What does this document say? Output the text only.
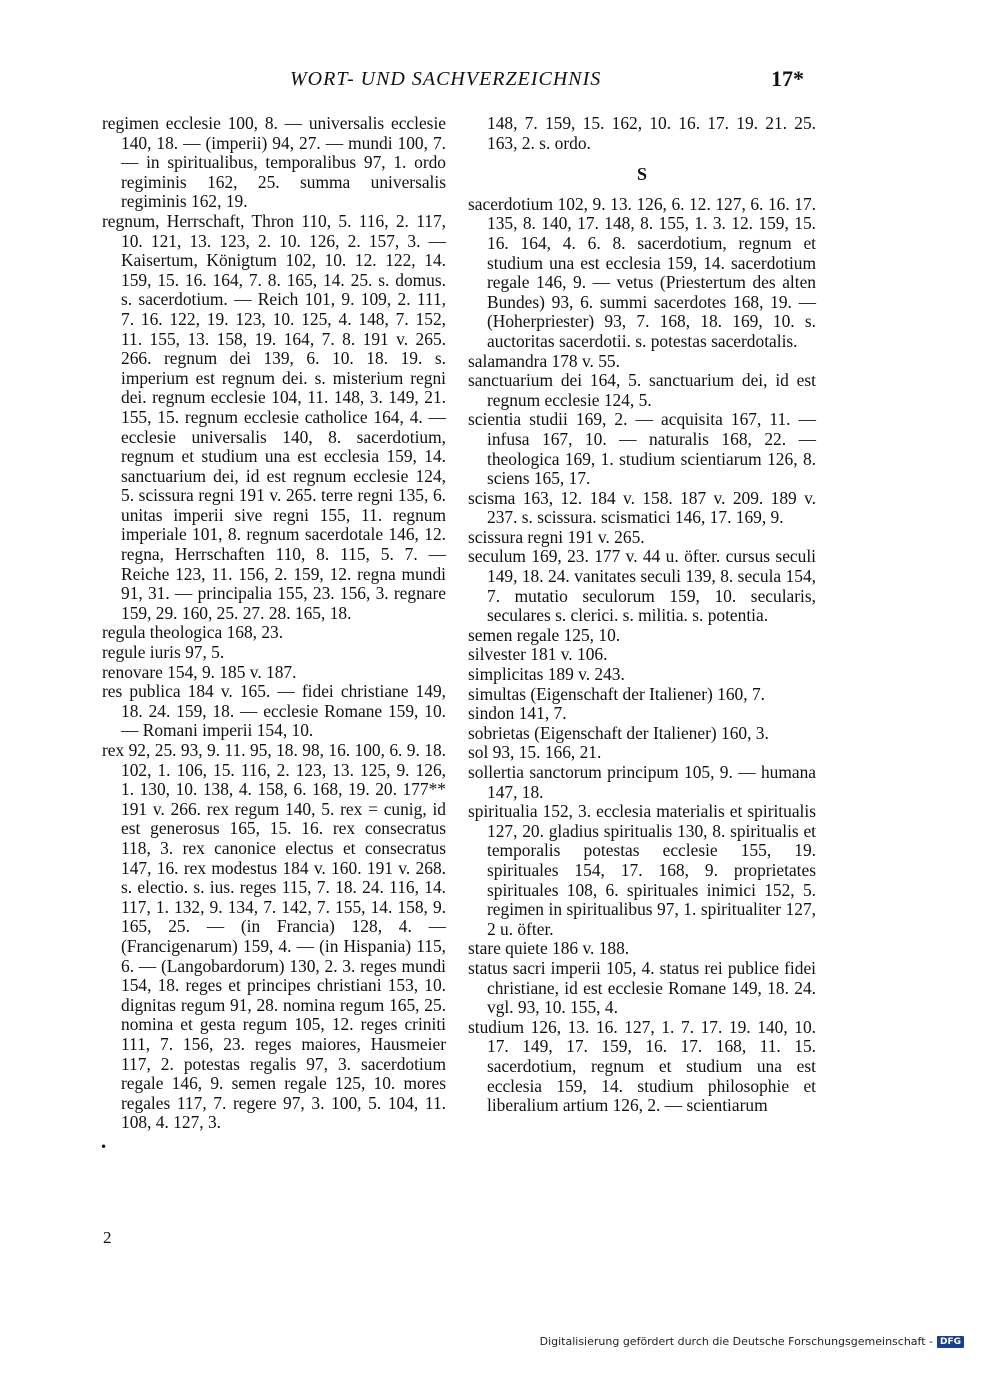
WORT- UND SACHVERZEICHNIS	17*

regimen ecclesie 100, 8. — universalis ecclesie 140, 18. — (imperii) 94, 27. — mundi 100, 7. — in spiritualibus, temporalibus 97, 1. ordo regiminis 162, 25. summa universalis regiminis 162, 19.

regnum, Herrschaft, Thron 110, 5. 116, 2. 117, 10. 121, 13. 123, 2. 10. 126, 2. 157, 3. — Kaisertum, Königtum 102, 10. 12. 122, 14. 159, 15. 16. 164, 7. 8. 165, 14. 25. s. domus. s. sacerdotium. — Reich 101, 9. 109, 2. 111, 7. 16. 122, 19. 123, 10. 125, 4. 148, 7. 152, 11. 155, 13. 158, 19. 164, 7. 8. 191 v. 265. 266. regnum dei 139, 6. 10. 18. 19. s. imperium est regnum dei. s. misterium regni dei. regnum ecclesie 104, 11. 148, 3. 149, 21. 155, 15. regnum ecclesie catholice 164, 4. — ecclesie universalis 140, 8. sacerdotium, regnum et studium una est ecclesia 159, 14. sanctuarium dei, id est regnum ecclesie 124, 5. scissura regni 191 v. 265. terre regni 135, 6. unitas imperii sive regni 155, 11. regnum imperiale 101, 8. regnum sacerdotale 146, 12. regna, Herrschaften 110, 8. 115, 5. 7. — Reiche 123, 11. 156, 2. 159, 12. regna mundi 91, 31. — principalia 155, 23. 156, 3. regnare 159, 29. 160, 25. 27. 28. 165, 18.

regula theologica 168, 23.

regule iuris 97, 5.

renovare 154, 9. 185 v. 187.

res publica 184 v. 165. — fidei christiane 149, 18. 24. 159, 18. — ecclesie Romane 159, 10. — Romani imperii 154, 10.

rex 92, 25. 93, 9. 11. 95, 18. 98, 16. 100, 6. 9. 18. 102, 1. 106, 15. 116, 2. 123, 13. 125, 9. 126, 1. 130, 10. 138, 4. 158, 6. 168, 19. 20. 177** 191 v. 266. rex regum 140, 5. rex = cunig, id est generosus 165, 15. 16. rex consecratus 118, 3. rex canonice electus et consecratus 147, 16. rex modestus 184 v. 160. 191 v. 268. s. electio. s. ius. reges 115, 7. 18. 24. 116, 14. 117, 1. 132, 9. 134, 7. 142, 7. 155, 14. 158, 9. 165, 25. — (in Francia) 128, 4. — (Francigenarum) 159, 4. — (in Hispania) 115, 6. — (Langobardorum) 130, 2. 3. reges mundi 154, 18. reges et principes christiani 153, 10. dignitas regum 91, 28. nomina regum 165, 25. nomina et gesta regum 105, 12. reges criniti 111, 7. 156, 23. reges maiores, Hausmeier 117, 2. potestas regalis 97, 3. sacerdotium regale 146, 9. semen regale 125, 10. mores regales 117, 7. regere 97, 3. 100, 5. 104, 11. 108, 4. 127, 3.

148, 7. 159, 15. 162, 10. 16. 17. 19. 21. 25. 163, 2. s. ordo.

S

sacerdotium 102, 9. 13. 126, 6. 12. 127, 6. 16. 17. 135, 8. 140, 17. 148, 8. 155, 1. 3. 12. 159, 15. 16. 164, 4. 6. 8. sacerdotium, regnum et studium una est ecclesia 159, 14. sacerdotium regale 146, 9. — vetus (Priestertum des alten Bundes) 93, 6. summi sacerdotes 168, 19. — (Hoherpriester) 93, 7. 168, 18. 169, 10. s. auctoritas sacerdotii. s. potestas sacerdotalis.

salamandra 178 v. 55.

sanctuarium dei 164, 5. sanctuarium dei, id est regnum ecclesie 124, 5.

scientia studii 169, 2. — acquisita 167, 11. — infusa 167, 10. — naturalis 168, 22. — theologica 169, 1. studium scientiarum 126, 8. sciens 165, 17.

scisma 163, 12. 184 v. 158. 187 v. 209. 189 v. 237. s. scissura. scismatici 146, 17. 169, 9.

scissura regni 191 v. 265.

seculum 169, 23. 177 v. 44 u. öfter. cursus seculi 149, 18. 24. vanitates seculi 139, 8. secula 154, 7. mutatio seculorum 159, 10. secularis, seculares s. clerici. s. militia. s. potentia.

semen regale 125, 10.

silvester 181 v. 106.

simplicitas 189 v. 243.

simultas (Eigenschaft der Italiener) 160, 7.

sindon 141, 7.

sobrietas (Eigenschaft der Italiener) 160, 3.

sol 93, 15. 166, 21.

sollertia sanctorum principum 105, 9. — humana 147, 18.

spiritualia 152, 3. ecclesia materialis et spiritualis 127, 20. gladius spiritualis 130, 8. spiritualis et temporalis potestas ecclesie 155, 19. spirituales 154, 17. 168, 9. proprietates spirituales 108, 6. spirituales inimici 152, 5. regimen in spiritualibus 97, 1. spiritualiter 127, 2 u. öfter.

stare quiete 186 v. 188.

status sacri imperii 105, 4. status rei publice fidei christiane, id est ecclesie Romane 149, 18. 24. vgl. 93, 10. 155, 4.

studium 126, 13. 16. 127, 1. 7. 17. 19. 140, 10. 17. 149, 17. 159, 16. 17. 168, 11. 15. sacerdotium, regnum et studium una est ecclesia 159, 14. studium philosophie et liberalium artium 126, 2. — scientiarum

•
2
Digitalisierung gefördert durch die Deutsche Forschungsgemeinschaft - DFG
